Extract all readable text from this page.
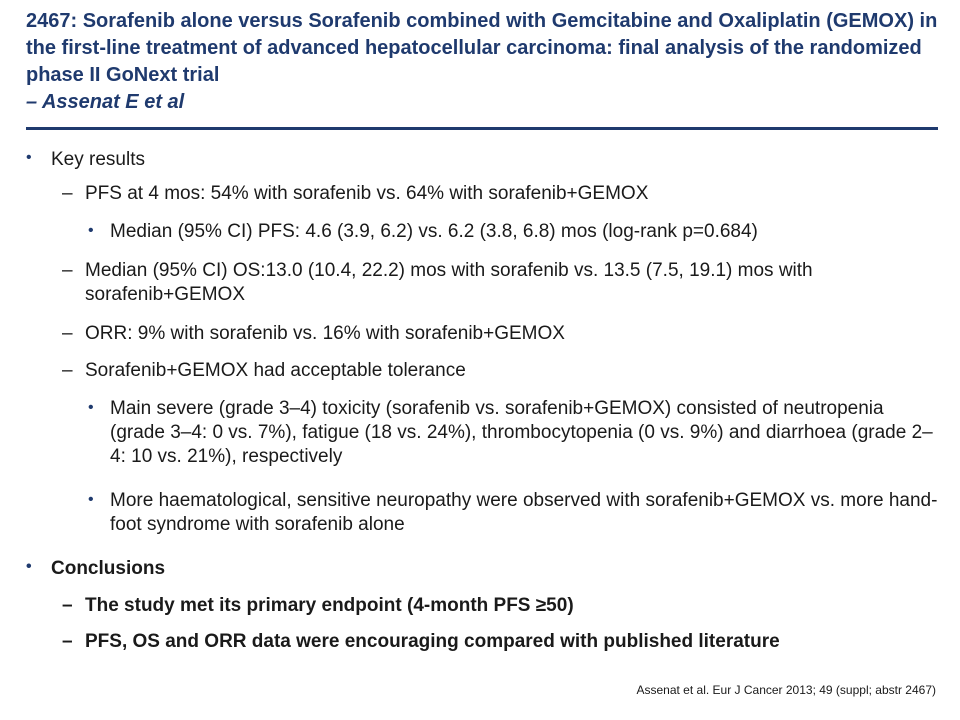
2467: Sorafenib alone versus Sorafenib combined with Gemcitabine and Oxaliplatin (GEMOX) in the first-line treatment of advanced hepatocellular carcinoma: final analysis of the randomized phase II GoNext trial
– Assenat E et al
• Key results
– PFS at 4 mos: 54% with sorafenib vs. 64% with sorafenib+GEMOX
• Median (95% CI) PFS: 4.6 (3.9, 6.2) vs. 6.2 (3.8, 6.8) mos (log-rank p=0.684)
– Median (95% CI) OS:13.0 (10.4, 22.2) mos with sorafenib vs. 13.5 (7.5, 19.1) mos with sorafenib+GEMOX
– ORR: 9% with sorafenib vs. 16% with sorafenib+GEMOX
– Sorafenib+GEMOX had acceptable tolerance
• Main severe (grade 3–4) toxicity (sorafenib vs. sorafenib+GEMOX) consisted of neutropenia (grade 3–4: 0 vs. 7%), fatigue (18 vs. 24%), thrombocytopenia (0 vs. 9%) and diarrhoea (grade 2–4: 10 vs. 21%), respectively
• More haematological, sensitive neuropathy were observed with sorafenib+GEMOX vs. more hand-foot syndrome with sorafenib alone
• Conclusions
– The study met its primary endpoint (4-month PFS ≥50)
– PFS, OS and ORR data were encouraging compared with published literature
Assenat et al. Eur J Cancer 2013; 49 (suppl; abstr 2467)
